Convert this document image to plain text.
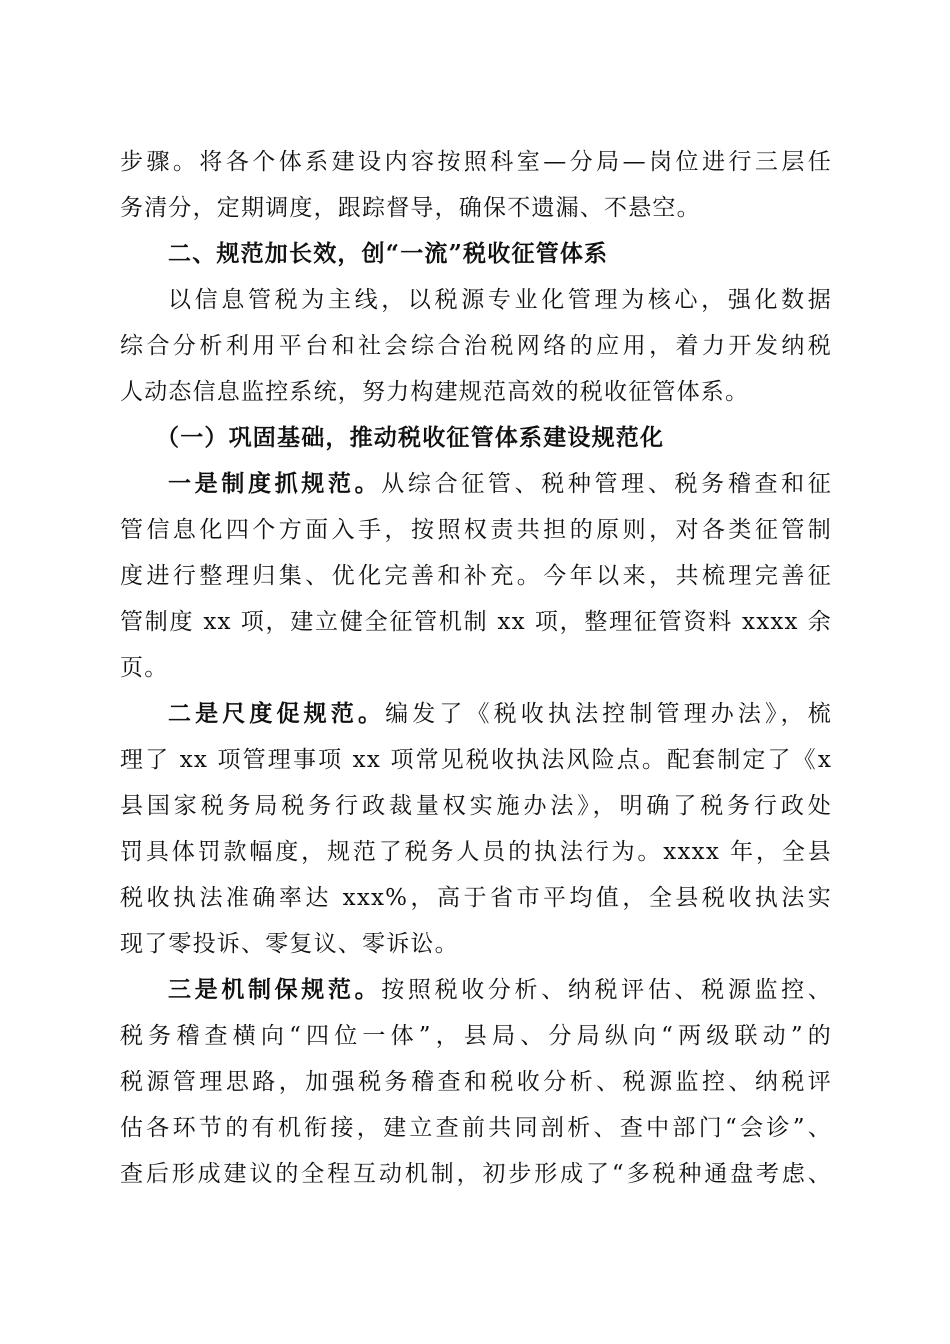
步骤。将各个体系建设内容按照科室—分局—岗位进行三层任
务清分，定期调度，跟踪督导，确保不遗漏、不悬空。
二、规范加长效，创“一流”税收征管体系
以信息管税为主线，以税源专业化管理为核心，强化数据
综合分析利用平台和社会综合治税网络的应用，着力开发纳税
人动态信息监控系统，努力构建规范高效的税收征管体系。
（一）巩固基础，推动税收征管体系建设规范化
一是制度抓规范。从综合征管、税种管理、税务稽查和征
管信息化四个方面入手，按照权责共担的原则，对各类征管制
度进行整理归集、优化完善和补充。今年以来，共梳理完善征
管制度 xx 项，建立健全征管机制 xx 项，整理征管资料 xxxx 余
页。
二是尺度促规范。编发了《税收执法控制管理办法》，梳
理了 xx 项管理事项 xx 项常见税收执法风险点。配套制定了《x
县国家税务局税务行政裁量权实施办法》，明确了税务行政处
罚具体罚款幅度，规范了税务人员的执法行为。xxxx 年，全县
税收执法准确率达 xxx%，高于省市平均值，全县税收执法实
现了零投诉、零复议、零诉讼。
三是机制保规范。按照税收分析、纳税评估、税源监控、
税务稽查横向“四位一体”，县局、分局纵向“两级联动”的
税源管理思路，加强税务稽查和税收分析、税源监控、纳税评
估各环节的有机衔接，建立查前共同剖析、查中部门“会诊”、
查后形成建议的全程互动机制，初步形成了“多税种通盘考虑、
